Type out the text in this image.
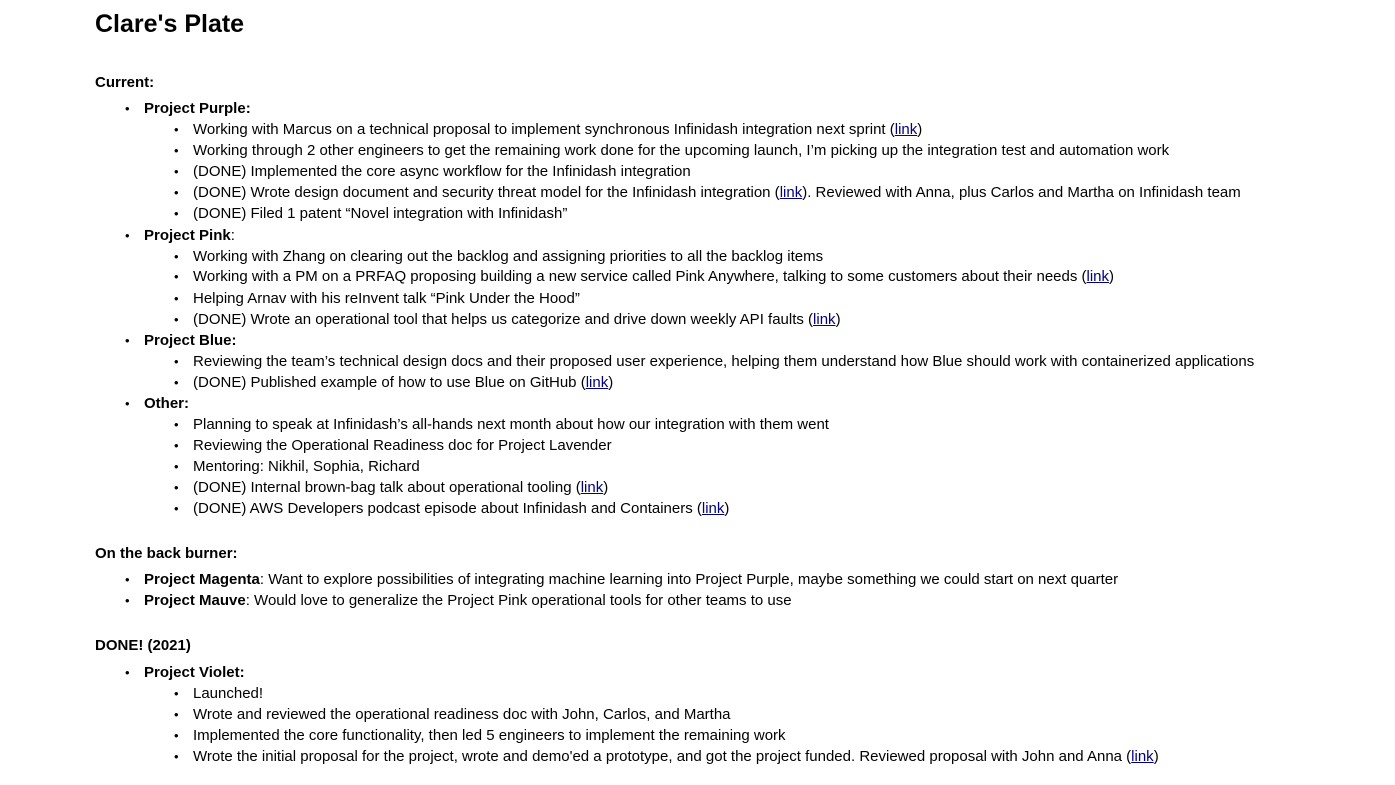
Clare's Plate
Current:
• Project Purple:
• Working with Marcus on a technical proposal to implement synchronous Infinidash integration next sprint (link)
• Working through 2 other engineers to get the remaining work done for the upcoming launch, I’m picking up the integration test and automation work
• (DONE) Implemented the core async workflow for the Infinidash integration
• (DONE) Wrote design document and security threat model for the Infinidash integration (link). Reviewed with Anna, plus Carlos and Martha on Infinidash team
• (DONE) Filed 1 patent “Novel integration with Infinidash”
• Project Pink:
• Working with Zhang on clearing out the backlog and assigning priorities to all the backlog items
• Working with a PM on a PRFAQ proposing building a new service called Pink Anywhere, talking to some customers about their needs (link)
• Helping Arnav with his reInvent talk “Pink Under the Hood”
• (DONE) Wrote an operational tool that helps us categorize and drive down weekly API faults (link)
• Project Blue:
• Reviewing the team’s technical design docs and their proposed user experience, helping them understand how Blue should work with containerized applications
• (DONE) Published example of how to use Blue on GitHub (link)
• Other:
• Planning to speak at Infinidash’s all-hands next month about how our integration with them went
• Reviewing the Operational Readiness doc for Project Lavender
• Mentoring: Nikhil, Sophia, Richard
• (DONE) Internal brown-bag talk about operational tooling (link)
• (DONE) AWS Developers podcast episode about Infinidash and Containers (link)
On the back burner:
• Project Magenta: Want to explore possibilities of integrating machine learning into Project Purple, maybe something we could start on next quarter
• Project Mauve: Would love to generalize the Project Pink operational tools for other teams to use
DONE! (2021)
• Project Violet:
• Launched!
• Wrote and reviewed the operational readiness doc with John, Carlos, and Martha
• Implemented the core functionality, then led 5 engineers to implement the remaining work
• Wrote the initial proposal for the project, wrote and demo'ed a prototype, and got the project funded. Reviewed proposal with John and Anna (link)
